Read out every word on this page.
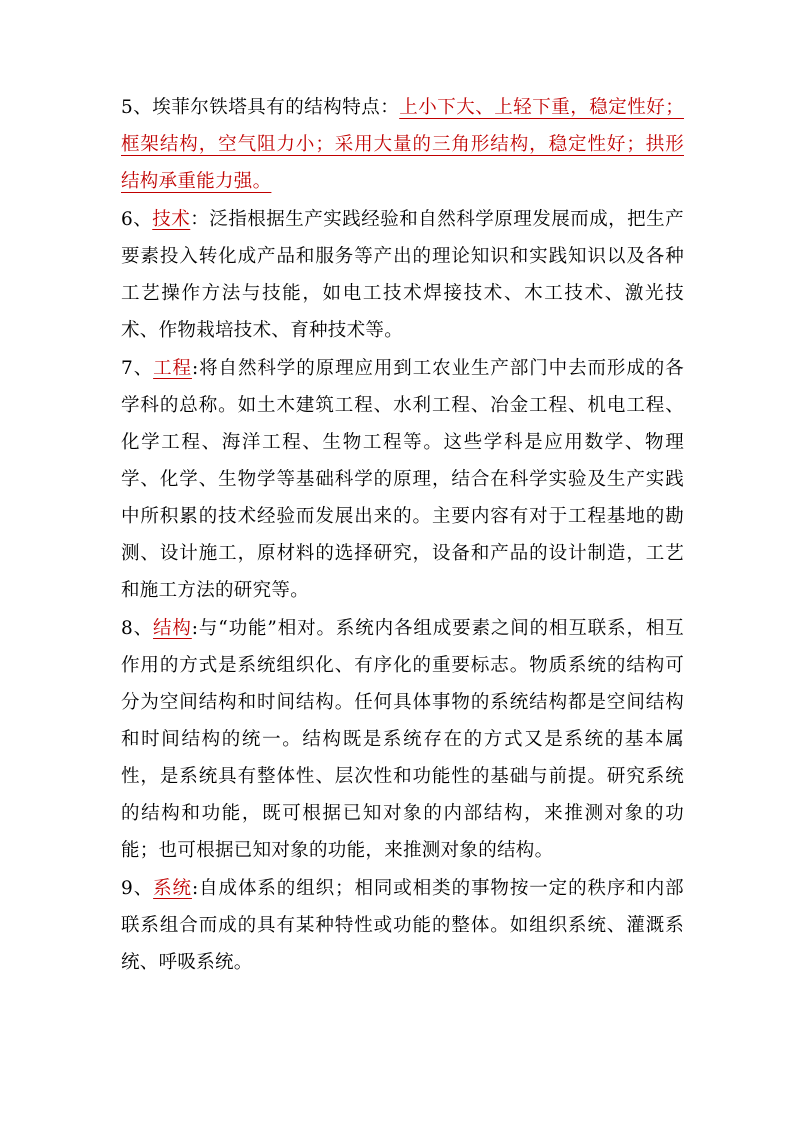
5、埃菲尔铁塔具有的结构特点：上小下大、上轻下重，稳定性好；框架结构，空气阻力小；采用大量的三角形结构，稳定性好；拱形结构承重能力强。

6、技术：泛指根据生产实践经验和自然科学原理发展而成，把生产要素投入转化成产品和服务等产出的理论知识和实践知识以及各种工艺操作方法与技能，如电工技术焊接技术、木工技术、激光技术、作物栽培技术、育种技术等。

7、工程:将自然科学的原理应用到工农业生产部门中去而形成的各学科的总称。如土木建筑工程、水利工程、冶金工程、机电工程、化学工程、海洋工程、生物工程等。这些学科是应用数学、物理学、化学、生物学等基础科学的原理，结合在科学实验及生产实践中所积累的技术经验而发展出来的。主要内容有对于工程基地的勘测、设计施工，原材料的选择研究，设备和产品的设计制造，工艺和施工方法的研究等。

8、结构:与“功能”相对。系统内各组成要素之间的相互联系，相互作用的方式是系统组织化、有序化的重要标志。物质系统的结构可分为空间结构和时间结构。任何具体事物的系统结构都是空间结构和时间结构的统一。结构既是系统存在的方式又是系统的基本属性，是系统具有整体性、层次性和功能性的基础与前提。研究系统的结构和功能，既可根据已知对象的内部结构，来推测对象的功能；也可根据已知对象的功能，来推测对象的结构。

9、系统:自成体系的组织；相同或相类的事物按一定的秩序和内部联系组合而成的具有某种特性或功能的整体。如组织系统、灌溉系统、呼吸系统。
